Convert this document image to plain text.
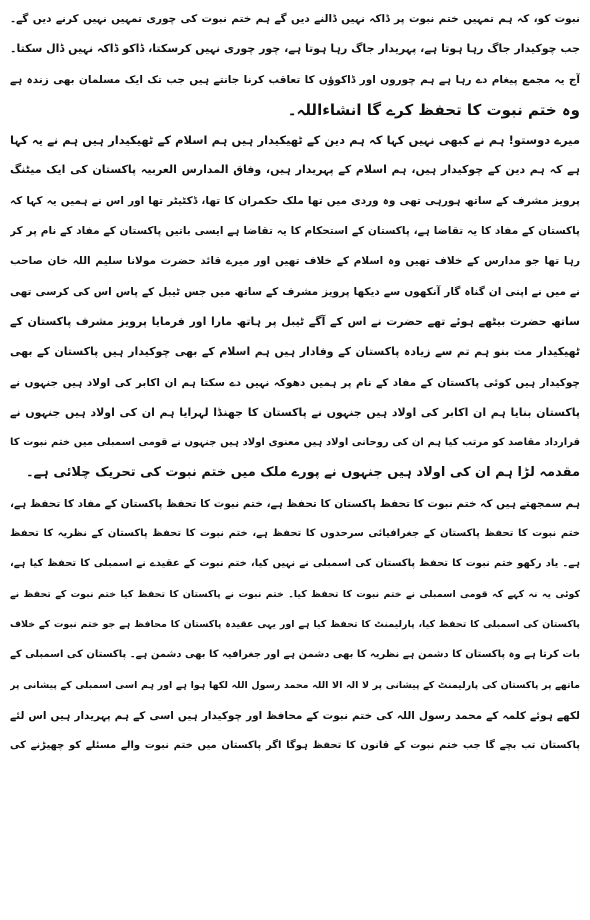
نبوت کو، کہ ہم تمہیں ختم نبوت پر ڈاکہ نہیں ڈالنے دیں گے ہم ختم نبوت کی چوری تمہیں نہیں کرنے دیں گے۔
جب چوکیدار جاگ رہا ہوتا ہے، پہریدار جاگ رہا ہوتا ہے، چور چوری نہیں کرسکتا، ڈاکو ڈاکہ نہیں ڈال سکتا۔
آج یہ مجمع پیغام دے رہا ہے ہم چوروں اور ڈاکوؤں کا تعاقب کرنا جانتے ہیں جب تک ایک مسلمان بھی زندہ ہے
وہ ختم نبوت کا تحفظ کرے گا انشاءاللہ۔
میرے دوستو! ہم نے کبھی نہیں کہا کہ ہم دین کے ٹھیکیدار ہیں ہم اسلام کے ٹھیکیدار ہیں ہم نے یہ کہا
ہے کہ ہم دین کے چوکیدار ہیں، ہم اسلام کے پہریدار ہیں، وفاق المدارس العربیہ پاکستان کی ایک میٹنگ
پرویز مشرف کے ساتھ ہورہی تھی وہ وردی میں تھا ملک حکمران کا تھا، ڈکٹیٹر تھا اور اس نے ہمیں یہ کہا کہ
پاکستان کے مفاد کا یہ تقاضا ہے، پاکستان کے استحکام کا یہ تقاضا ہے ایسی باتیں پاکستان کے مفاد کے نام پر کر
رہا تھا جو مدارس کے خلاف تھیں وہ اسلام کے خلاف تھیں اور میرے قائد حضرت مولانا سلیم اللہ خان صاحب
نے میں نے اپنی ان گناہ گار آنکھوں سے دیکھا پرویز مشرف کے ساتھ میں جس ٹیبل کے پاس اس کی کرسی تھی
ساتھ حضرت بیٹھے ہوئے تھے حضرت نے اس کے آگے ٹیبل پر ہاتھ مارا اور فرمایا پرویز مشرف پاکستان کے
ٹھیکیدار مت بنو ہم تم سے زیادہ پاکستان کے وفادار ہیں ہم اسلام کے بھی چوکیدار ہیں پاکستان کے بھی
چوکیدار ہیں کوئی پاکستان کے مفاد کے نام پر ہمیں دھوکہ نہیں دے سکتا ہم ان اکابر کی اولاد ہیں جنہوں نے
پاکستان بنایا ہم ان اکابر کی اولاد ہیں جنہوں نے پاکستان کا جھنڈا لہرایا ہم ان کی اولاد ہیں جنہوں نے
قرارداد مقاصد کو مرتب کیا ہم ان کی روحانی اولاد ہیں معنوی اولاد ہیں جنہوں نے قومی اسمبلی میں ختم نبوت کا
مقدمہ لڑا ہم ان کی اولاد ہیں جنہوں نے پورے ملک میں ختم نبوت کی تحریک چلائی ہے۔
ہم سمجھتے ہیں کہ ختم نبوت کا تحفظ پاکستان کا تحفظ ہے، ختم نبوت کا تحفظ پاکستان کے مفاد کا تحفظ ہے،
ختم نبوت کا تحفظ پاکستان کے جغرافیائی سرحدوں کا تحفظ ہے، ختم نبوت کا تحفظ پاکستان کے نظریہ کا تحفظ
ہے۔ یاد رکھو ختم نبوت کا تحفظ پاکستان کی اسمبلی نے نہیں کیا، ختم نبوت کے عقیدے نے اسمبلی کا تحفظ کیا ہے،
کوئی یہ نہ کہے کہ قومی اسمبلی نے ختم نبوت کا تحفظ کیا۔ ختم نبوت نے پاکستان کا تحفظ کیا ختم نبوت کے تحفظ نے
پاکستان کی اسمبلی کا تحفظ کیا، پارلیمنٹ کا تحفظ کیا ہے اور یہی عقیدہ پاکستان کا محافظ ہے جو ختم نبوت کے خلاف
بات کرتا ہے وہ پاکستان کا دشمن ہے نظریہ کا بھی دشمن ہے اور جغرافیہ کا بھی دشمن ہے۔ پاکستان کی اسمبلی کے
ماتھے پر پاکستان کی پارلیمنٹ کے پیشانی پر لا الہ الا اللہ محمد رسول اللہ لکھا ہوا ہے اور ہم اسی اسمبلی کے پیشانی پر
لکھے ہوئے کلمہ کے محمد رسول اللہ کی ختم نبوت کے محافظ اور چوکیدار ہیں اسی کے ہم پہریدار ہیں اس لئے
پاکستان تب بچے گا جب ختم نبوت کے قانون کا تحفظ ہوگا اگر پاکستان میں ختم نبوت والے مسئلے کو چھیڑنے کی
